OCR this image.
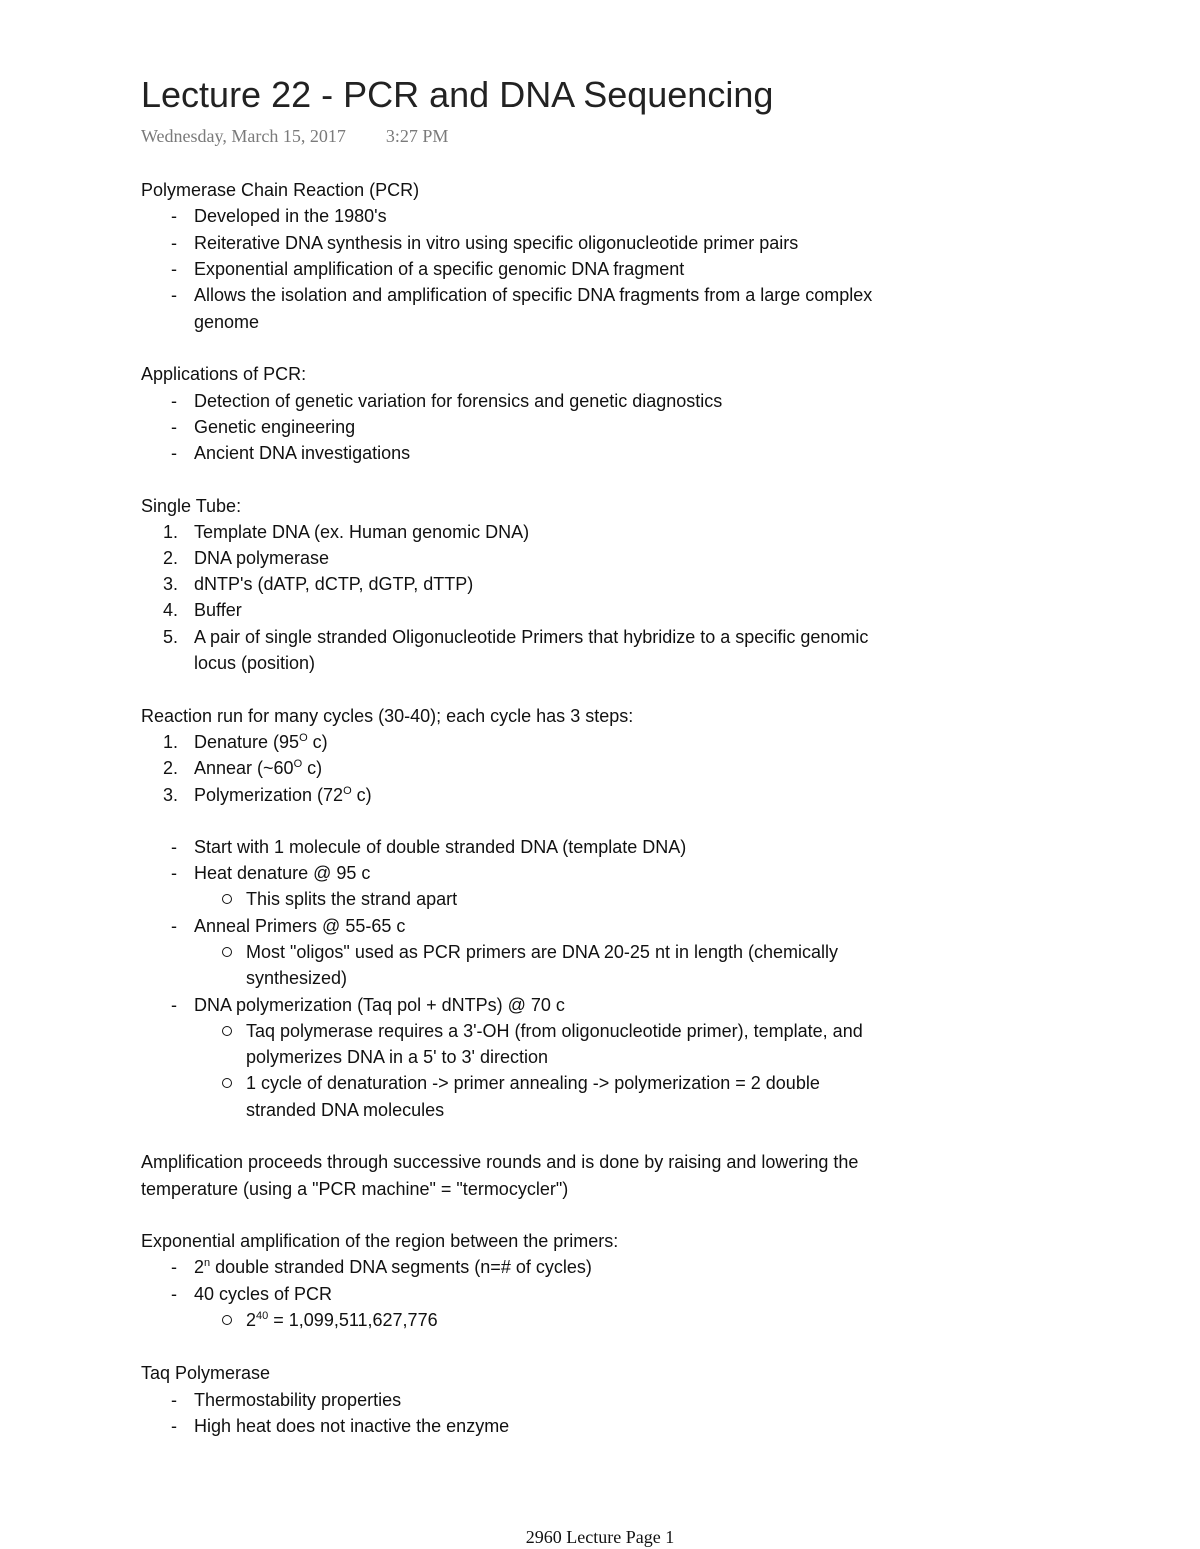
Lecture 22 - PCR and DNA Sequencing
Wednesday, March 15, 2017 3:27 PM
Polymerase Chain Reaction (PCR)
- Developed in the 1980's
- Reiterative DNA synthesis in vitro using specific oligonucleotide primer pairs
- Exponential amplification of a specific genomic DNA fragment
- Allows the isolation and amplification of specific DNA fragments from a large complex
genome
Applications of PCR:
- Detection of genetic variation for forensics and genetic diagnostics
- Genetic engineering
- Ancient DNA investigations
Single Tube:
1. Template DNA (ex. Human genomic DNA)
2. DNA polymerase
3. dNTP's (dATP, dCTP, dGTP, dTTP)
4. Buffer
5. A pair of single stranded Oligonucleotide Primers that hybridize to a specific genomic
locus (position)
Reaction run for many cycles (30-40); each cycle has 3 steps:
1. Denature ($95^O$ c)
2. Annear ($\sim 60^O$ c)
3. Polymerization ($72^O$ c)
- Start with 1 molecule of double stranded DNA (template DNA)
- Heat denature @ 95 c
This splits the strand apart
- Anneal Primers @ 55-65 c
Most "oligos" used as PCR primers are DNA 20-25 nt in length (chemically
synthesized)
- DNA polymerization (Taq pol + dNTPs) @ 70 c
Taq polymerase requires a 3'-OH (from oligonucleotide primer), template, and
polymerizes DNA in a 5' to 3' direction
1 cycle of denaturation -> primer annealing -> polymerization = 2 double
stranded DNA molecules
Amplification proceeds through successive rounds and is done by raising and lowering the
temperature (using a "PCR machine" = "termocycler")
Exponential amplification of the region between the primers:
- 2$^n$ double stranded DNA segments (n=# of cycles)
- 40 cycles of PCR
$2^{40} = 1,099,511,627,776$
Taq Polymerase
- Thermostability properties
- High heat does not inactive the enzyme
2960 Lecture Page 1
